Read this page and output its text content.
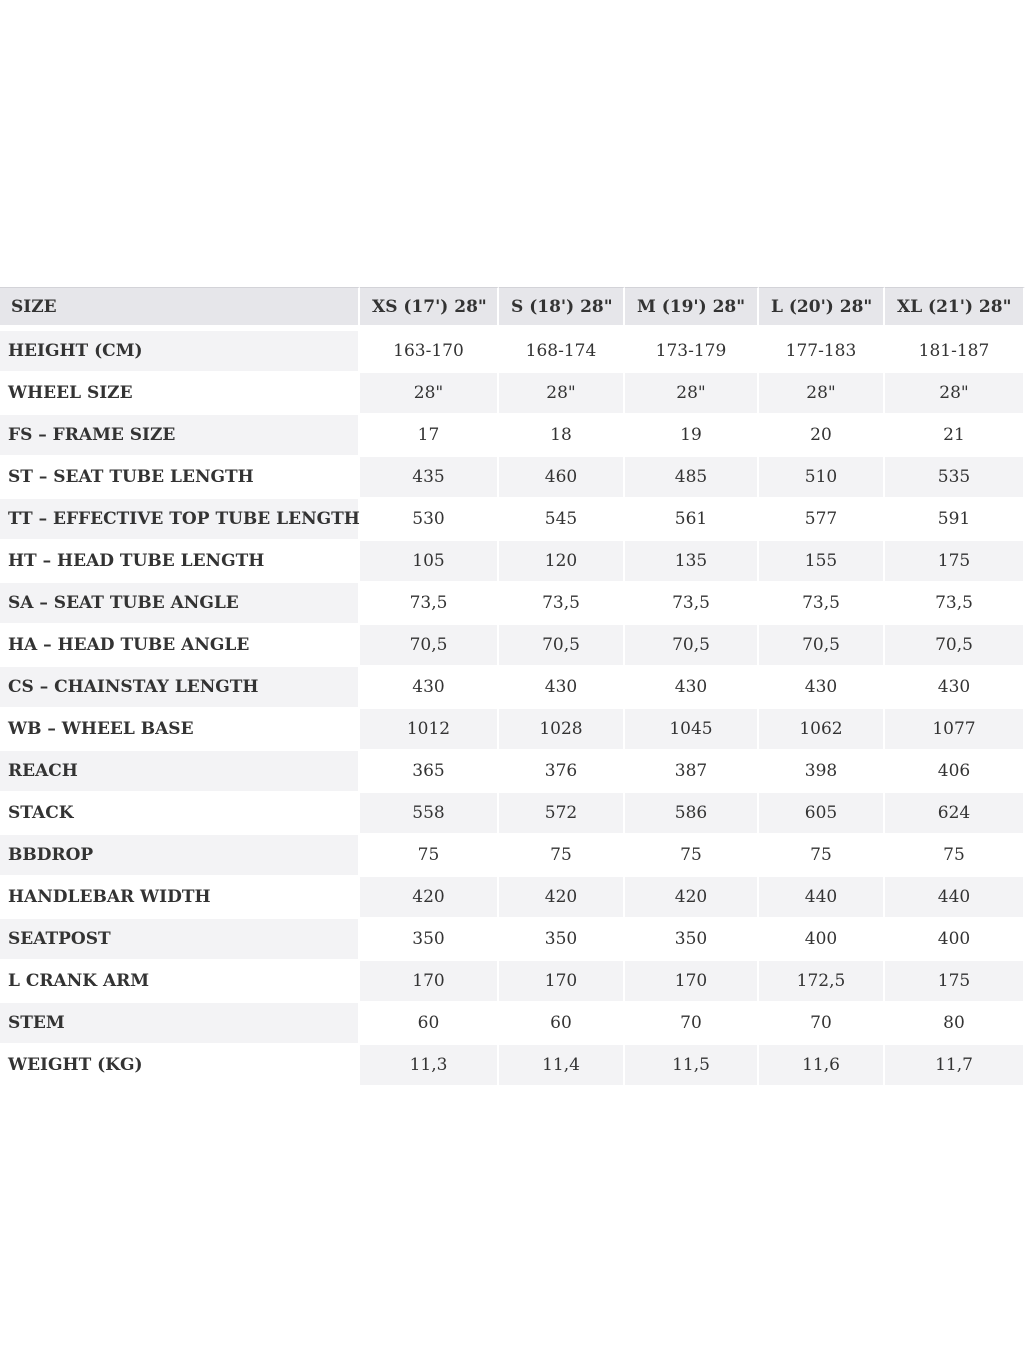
SIZE	XS (17') 28"	S (18') 28"	M (19') 28"	L (20') 28"	XL (21') 28"

HEIGHT (CM)	163-170	168-174	173-179	177-183	181-187
WHEEL SIZE	28"	28"	28"	28"	28"
FS – FRAME SIZE	17	18	19	20	21
ST – SEAT TUBE LENGTH	435	460	485	510	535
TT – EFFECTIVE TOP TUBE LENGTH	530	545	561	577	591
HT – HEAD TUBE LENGTH	105	120	135	155	175
SA – SEAT TUBE ANGLE	73,5	73,5	73,5	73,5	73,5
HA – HEAD TUBE ANGLE	70,5	70,5	70,5	70,5	70,5
CS – CHAINSTAY LENGTH	430	430	430	430	430
WB – WHEEL BASE	1012	1028	1045	1062	1077
REACH	365	376	387	398	406
STACK	558	572	586	605	624
BBDROP	75	75	75	75	75
HANDLEBAR WIDTH	420	420	420	440	440
SEATPOST	350	350	350	400	400
L CRANK ARM	170	170	170	172,5	175
STEM	60	60	70	70	80
WEIGHT (KG)	11,3	11,4	11,5	11,6	11,7
